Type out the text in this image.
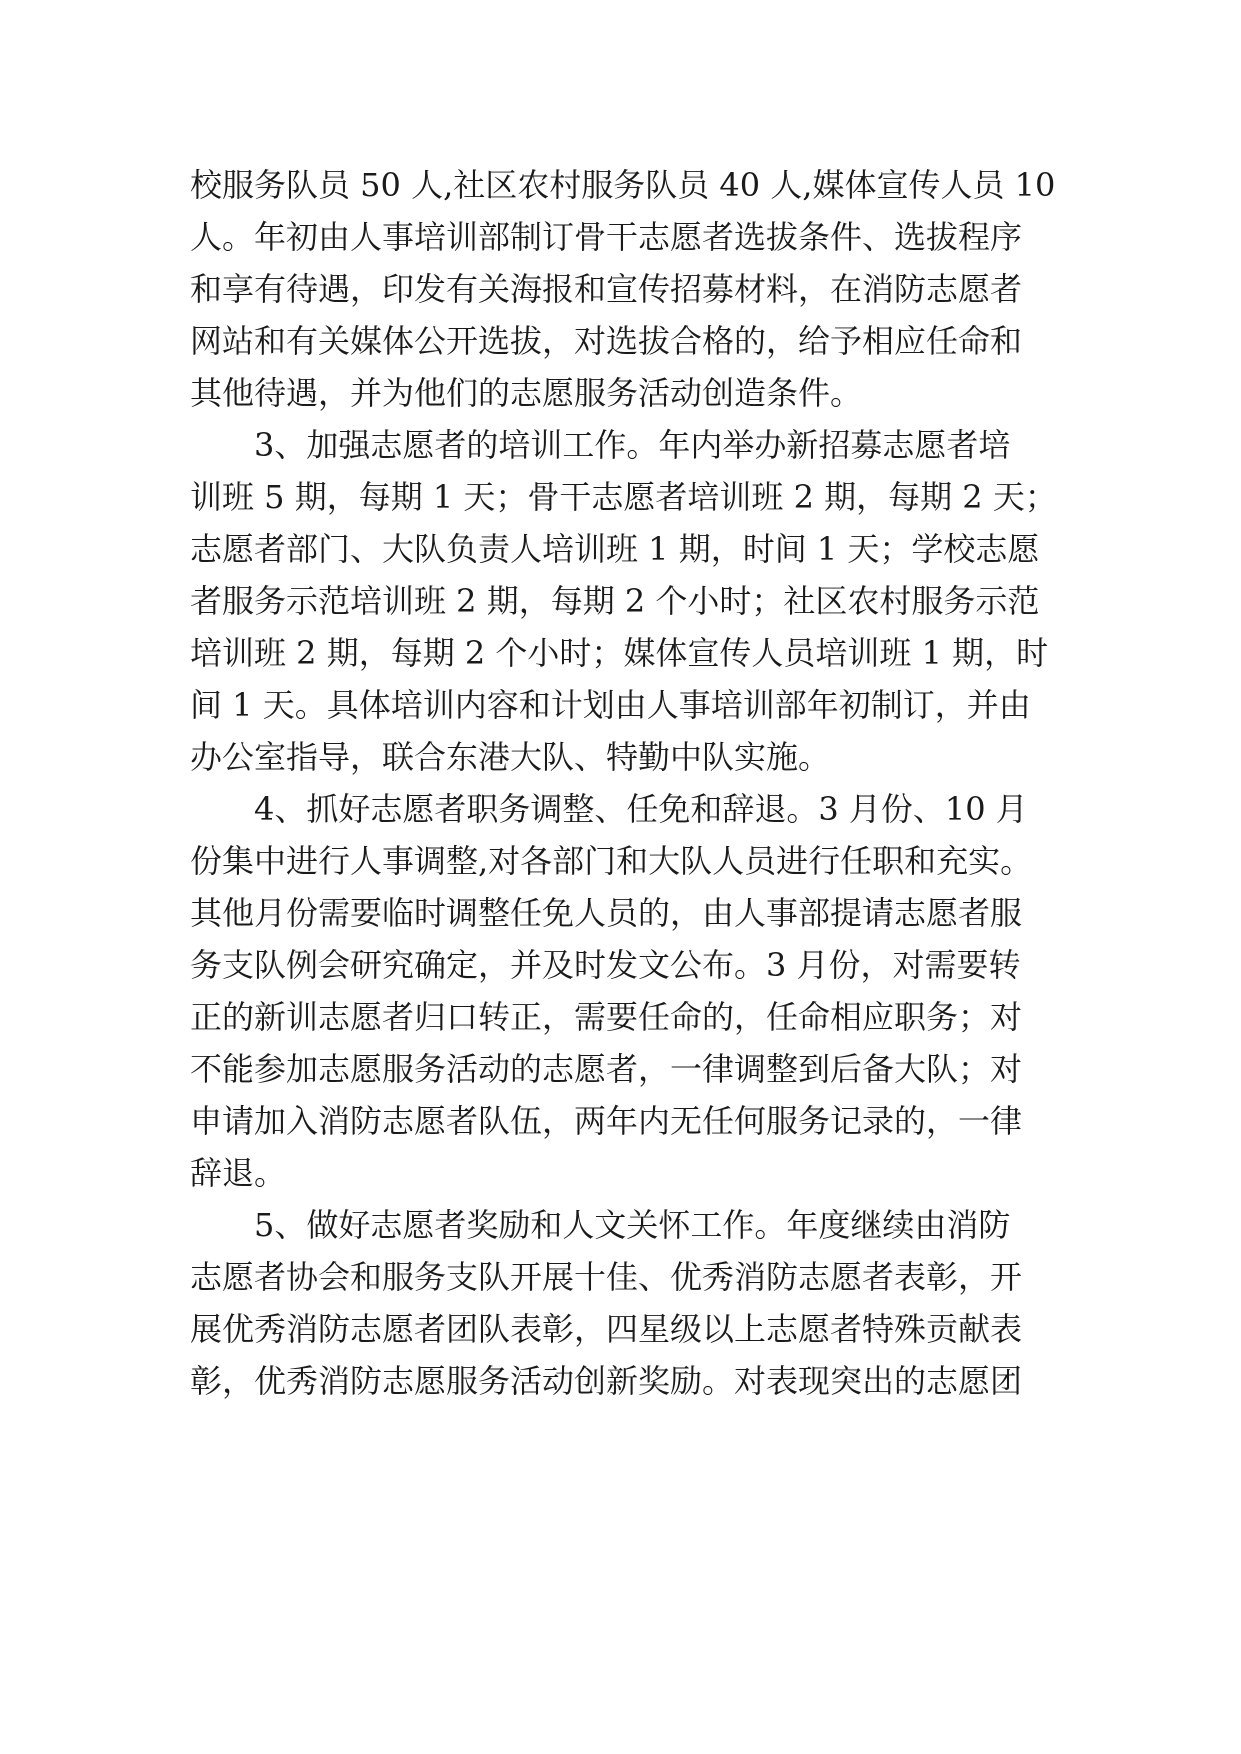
校服务队员 50 人,社区农村服务队员 40 人,媒体宣传人员 10
人。年初由人事培训部制订骨干志愿者选拔条件、选拔程序
和享有待遇，印发有关海报和宣传招募材料，在消防志愿者
网站和有关媒体公开选拔，对选拔合格的，给予相应任命和
其他待遇，并为他们的志愿服务活动创造条件。
3、加强志愿者的培训工作。年内举办新招募志愿者培
训班 5 期，每期 1 天；骨干志愿者培训班 2 期，每期 2 天；
志愿者部门、大队负责人培训班 1 期，时间 1 天；学校志愿
者服务示范培训班 2 期，每期 2 个小时；社区农村服务示范
培训班 2 期，每期 2 个小时；媒体宣传人员培训班 1 期，时
间 1 天。具体培训内容和计划由人事培训部年初制订，并由
办公室指导，联合东港大队、特勤中队实施。
4、抓好志愿者职务调整、任免和辞退。3 月份、10 月
份集中进行人事调整,对各部门和大队人员进行任职和充实。
其他月份需要临时调整任免人员的，由人事部提请志愿者服
务支队例会研究确定，并及时发文公布。3 月份，对需要转
正的新训志愿者归口转正，需要任命的，任命相应职务；对
不能参加志愿服务活动的志愿者，一律调整到后备大队；对
申请加入消防志愿者队伍，两年内无任何服务记录的，一律
辞退。
5、做好志愿者奖励和人文关怀工作。年度继续由消防
志愿者协会和服务支队开展十佳、优秀消防志愿者表彰，开
展优秀消防志愿者团队表彰，四星级以上志愿者特殊贡献表
彰，优秀消防志愿服务活动创新奖励。对表现突出的志愿团
